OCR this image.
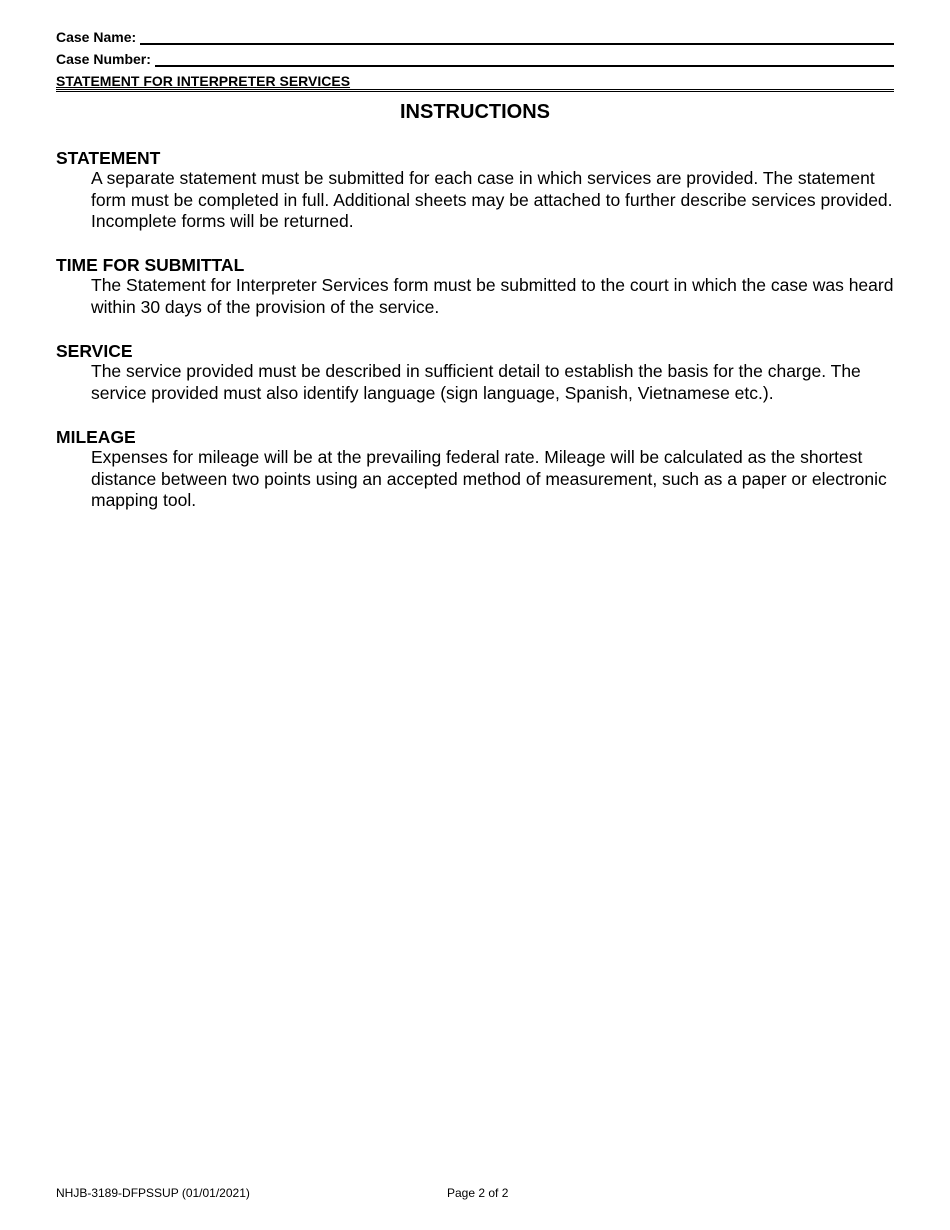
Case Name:
Case Number:
STATEMENT FOR INTERPRETER SERVICES
INSTRUCTIONS
STATEMENT

A separate statement must be submitted for each case in which services are provided. The statement form must be completed in full. Additional sheets may be attached to further describe services provided. Incomplete forms will be returned.

TIME FOR SUBMITTAL

The Statement for Interpreter Services form must be submitted to the court in which the case was heard within 30 days of the provision of the service.

SERVICE

The service provided must be described in sufficient detail to establish the basis for the charge. The service provided must also identify language (sign language, Spanish, Vietnamese etc.).

MILEAGE

Expenses for mileage will be at the prevailing federal rate. Mileage will be calculated as the shortest distance between two points using an accepted method of measurement, such as a paper or electronic mapping tool.

NHJB-3189-DFPSSUP (01/01/2021)	Page 2 of 2
